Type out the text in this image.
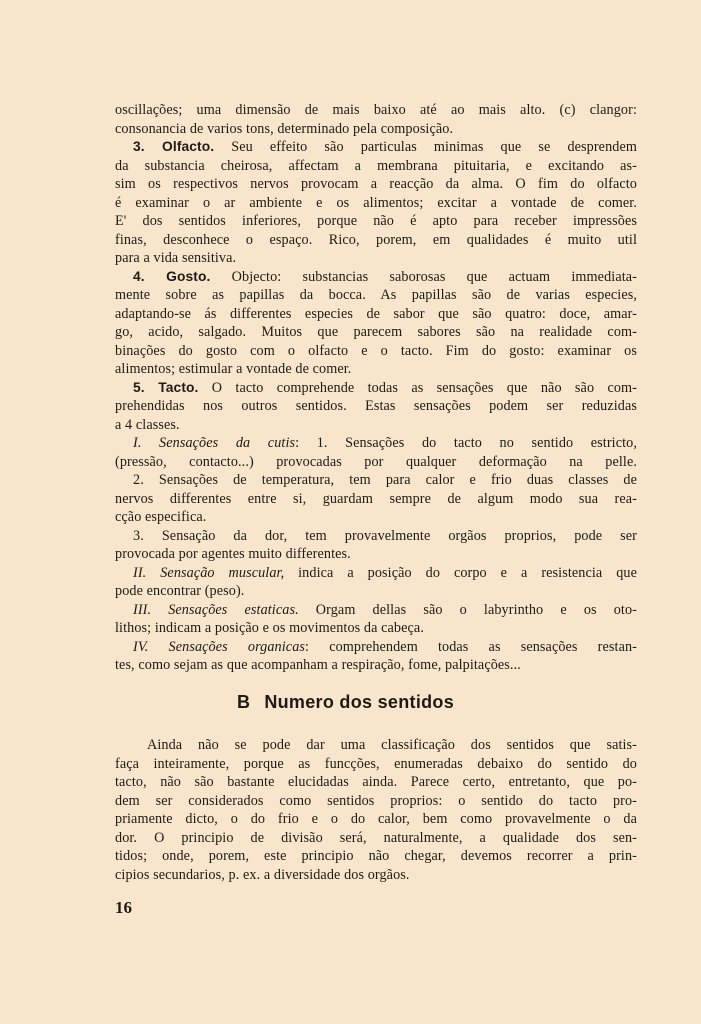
oscillações; uma dimensão de mais baixo até ao mais alto. (c) clangor:
consonancia de varios tons, determinado pela composição.
3. Olfacto. Seu effeito são particulas minimas que se desprendem
da substancia cheirosa, affectam a membrana pituitaria, e excitando as-
sim os respectivos nervos provocam a reacção da alma. O fim do olfacto
é examinar o ar ambiente e os alimentos; excitar a vontade de comer.
E' dos sentidos inferiores, porque não é apto para receber impressões
finas, desconhece o espaço. Rico, porem, em qualidades é muito util
para a vida sensitiva.
4. Gosto. Objecto: substancias saborosas que actuam immediata-
mente sobre as papillas da bocca. As papillas são de varias especies,
adaptando-se ás differentes especies de sabor que são quatro: doce, amar-
go, acido, salgado. Muitos que parecem sabores são na realidade com-
binações do gosto com o olfacto e o tacto. Fim do gosto: examinar os
alimentos; estimular a vontade de comer.
5. Tacto. O tacto comprehende todas as sensações que não são com-
prehendidas nos outros sentidos. Estas sensações podem ser reduzidas
a 4 classes.
I. Sensações da cutis: 1. Sensações do tacto no sentido estricto,
(pressão, contacto...) provocadas por qualquer deformação na pelle.
2. Sensações de temperatura, tem para calor e frio duas classes de
nervos differentes entre si, guardam sempre de algum modo sua rea-
cção especifica.
3. Sensação da dor, tem provavelmente orgãos proprios, pode ser
provocada por agentes muito differentes.
II. Sensação muscular, indica a posição do corpo e a resistencia que
pode encontrar (peso).
III. Sensações estaticas. Orgam dellas são o labyrintho e os oto-
lithos; indicam a posição e os movimentos da cabeça.
IV. Sensações organicas: comprehendem todas as sensações restan-
tes, como sejam as que acompanham a respiração, fome, palpitações...
B Numero dos sentidos
Ainda não se pode dar uma classificação dos sentidos que satis-
faça inteiramente, porque as funcções, enumeradas debaixo do sentido do
tacto, não são bastante elucidadas ainda. Parece certo, entretanto, que po-
dem ser considerados como sentidos proprios: o sentido do tacto pro-
priamente dicto, o do frio e o do calor, bem como provavelmente o da
dor. O principio de divisão será, naturalmente, a qualidade dos sen-
tidos; onde, porem, este principio não chegar, devemos recorrer a prin-
cipios secundarios, p. ex. a diversidade dos orgãos.
16
